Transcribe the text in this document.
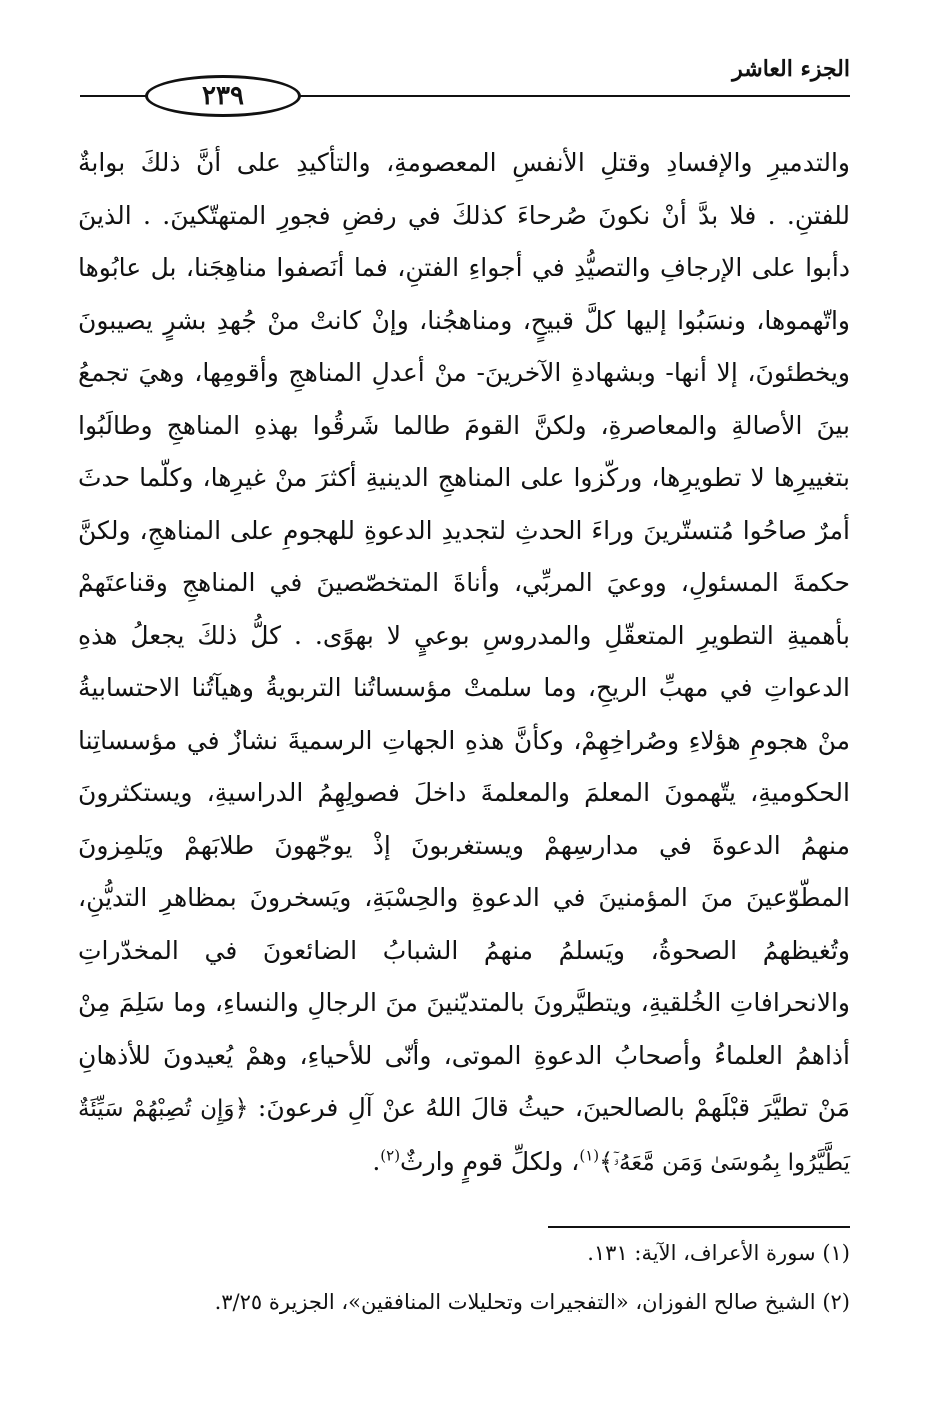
٢٣٩
الجزء العاشر

والتدميرِ والإفسادِ وقتلِ الأنفسِ المعصومةِ، والتأكيدِ على أنَّ ذلكَ بوابةٌ للفتنِ. . فلا بدَّ أنْ نكونَ صُرحاءَ كذلكَ في رفضِ فجورِ المتهتّكينَ. . الذينَ دأبوا على الإرجافِ والتصيُّدِ في أجواءِ الفتنِ، فما أنَصفوا مناهِجَنا، بل عابُوها واتّهموها، ونسَبُوا إليها كلَّ قبيحٍ، ومناهجُنا، وإنْ كانتْ منْ جُهدِ بشرٍ يصيبونَ ويخطئونَ، إلا أنها- وبشهادةِ الآخرينَ- منْ أعدلِ المناهجِ وأقومِها، وهيَ تجمعُ بينَ الأصالةِ والمعاصرةِ، ولكنَّ القومَ طالما شَرقُوا بهذهِ المناهجِ وطالَبُوا بتغييرِها لا تطويرِها، وركّزوا على المناهجِ الدينيةِ أكثرَ منْ غيرِها، وكلّما حدثَ أمرٌ صاحُوا مُتستّرينَ وراءَ الحدثِ لتجديدِ الدعوةِ للهجومِ على المناهجِ، ولكنَّ حكمةَ المسئولِ، ووعيَ المربِّي، وأناةَ المتخصّصينَ في المناهجِ وقناعتَهمْ بأهميةِ التطويرِ المتعقّلِ والمدروسِ بوعيٍ لا بهوًى. . كلُّ ذلكَ يجعلُ هذهِ الدعواتِ في مهبِّ الريحِ، وما سلمتْ مؤسساتُنا التربويةُ وهيآتُنا الاحتسابيةُ منْ هجومِ هؤلاءِ وصُراخِهِمْ، وكأنَّ هذهِ الجهاتِ الرسميةَ نشازٌ في مؤسساتِنا الحكوميةِ، يتّهمونَ المعلمَ والمعلمةَ داخلَ فصولِهِمُ الدراسيةِ، ويستكثرونَ منهمُ الدعوةَ في مدارسِهمْ ويستغربونَ إذْ يوجّهونَ طلابَهمْ ويَلمِزونَ المطّوّعينَ منَ المؤمنينَ في الدعوةِ والحِسْبَةِ، ويَسخرونَ بمظاهرِ التديُّنِ، وتُغيظهمُ الصحوةُ، ويَسلمُ منهمُ الشبابُ الضائعونَ في المخدّراتِ والانحرافاتِ الخُلقيةِ، ويتطيَّرونَ بالمتديّنينَ منَ الرجالِ والنساءِ، وما سَلِمَ مِنْ أذاهمُ العلماءُ وأصحابُ الدعوةِ الموتى، وأنّى للأحياءِ، وهمْ يُعيدونَ للأذهانِ مَنْ تطيَّرَ قبْلَهمْ بالصالحينَ، حيثُ قالَ اللهُ عنْ آلِ فرعونَ: ﴿وَإِن تُصِبْهُمْ سَيِّئَةٌ يَطَّيَّرُوا بِمُوسَىٰ وَمَن مَّعَهُۥٓ﴾$^{(١)}$، ولكلِّ قومٍ وارثٌ$^{(٢)}$.

(١) سورة الأعراف، الآية: ١٣١.
(٢) الشيخ صالح الفوزان، «التفجيرات وتحليلات المنافقين»، الجزيرة ٣/٢٥.
